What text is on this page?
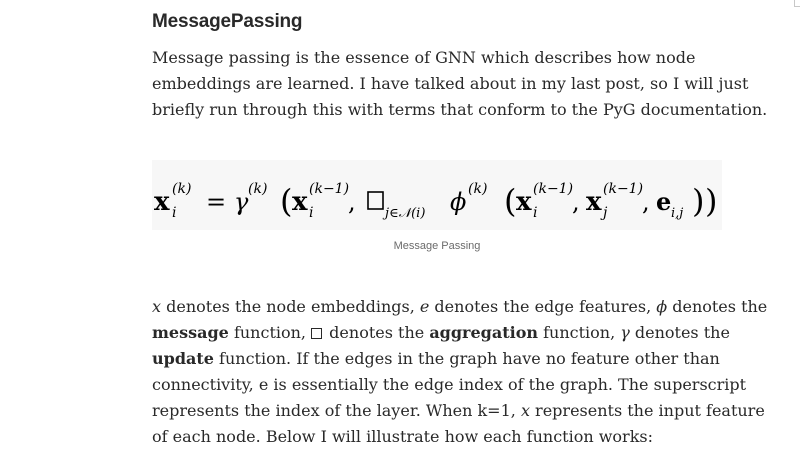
MessagePassing

Message passing is the essence of GNN which describes how node
embeddings are learned. I have talked about in my last post, so I will just
briefly run through this with terms that conform to the PyG documentation.

x (k)
i = γ (k) ( x (k−1)
i , j∈𝒩(i) ϕ (k) ( x (k−1)
i , x (k−1)
j , e i,j ) )
Message Passing

x denotes the node embeddings, e denotes the edge features, ϕ denotes the
message function,  denotes the aggregation function, γ denotes the
update function. If the edges in the graph have no feature other than
connectivity, e is essentially the edge index of the graph. The superscript
represents the index of the layer. When k=1, x represents the input feature
of each node. Below I will illustrate how each function works:
